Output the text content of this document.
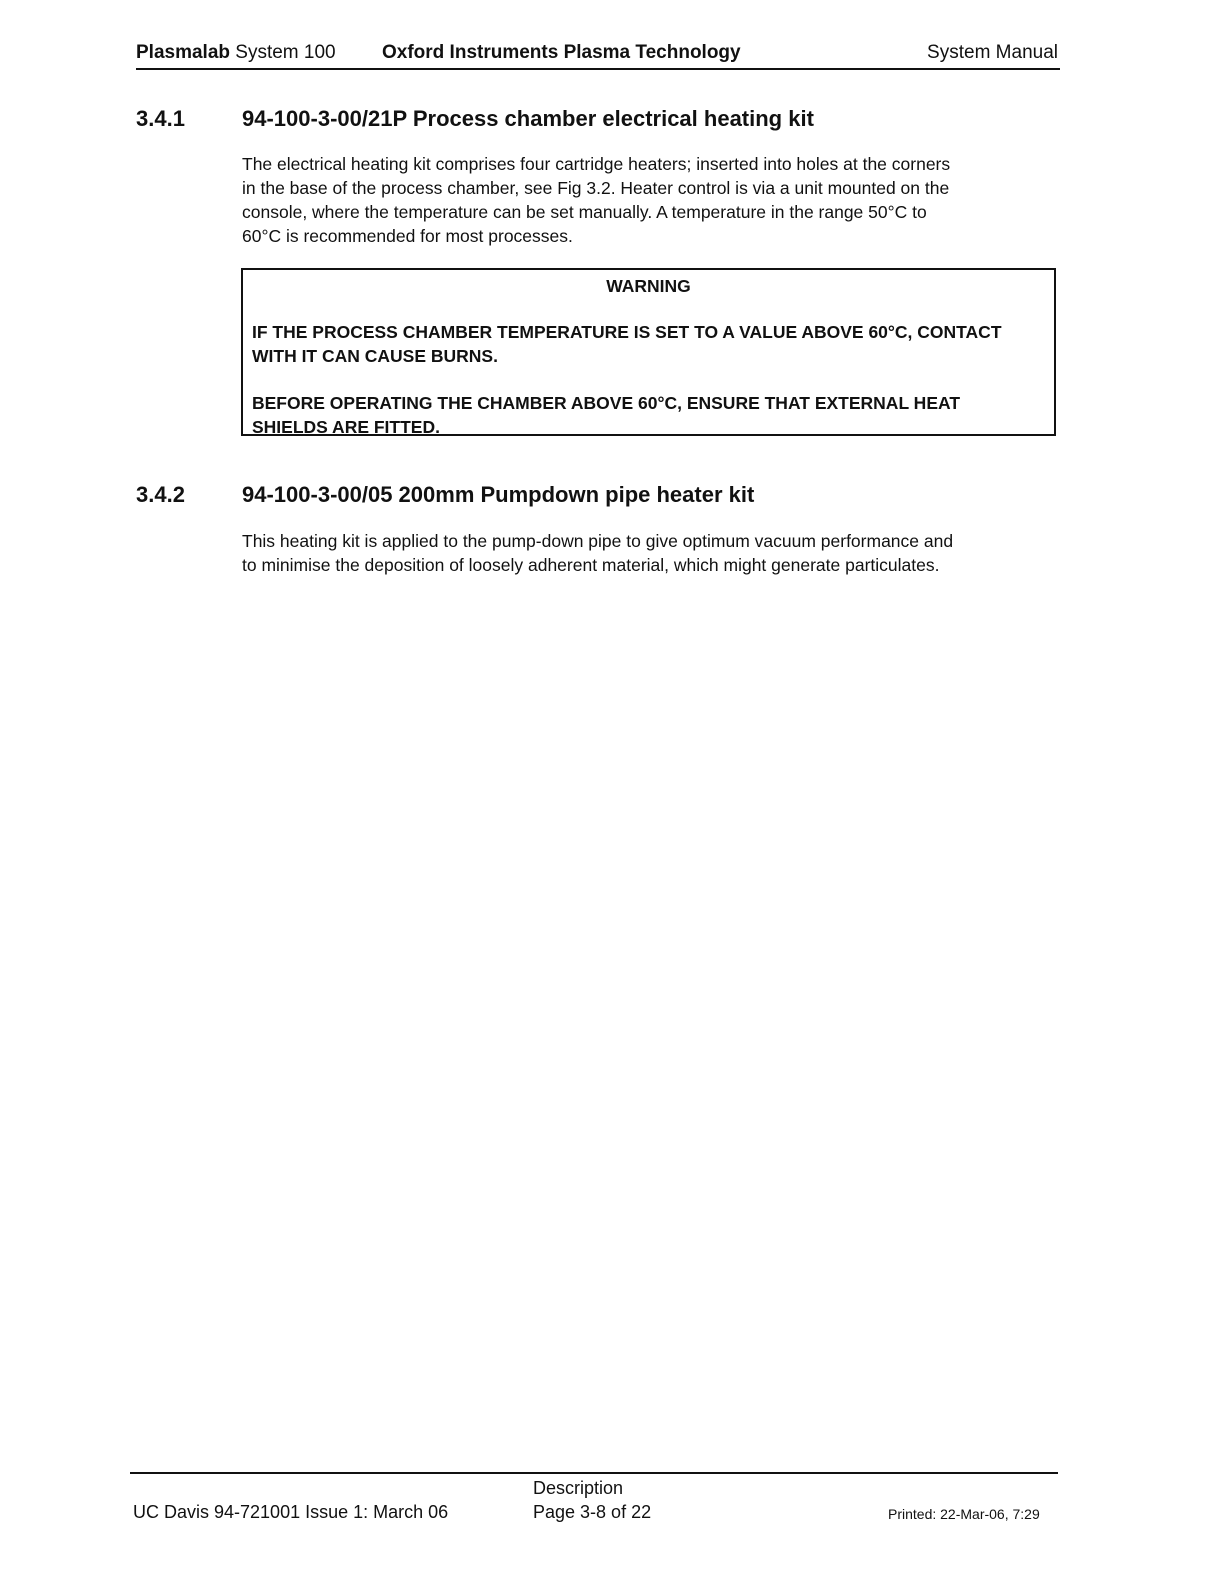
Plasmalab System 100 Oxford Instruments Plasma Technology	System Manual
3.4.1	94-100-3-00/21P Process chamber electrical heating kit
The electrical heating kit comprises four cartridge heaters; inserted into holes at the corners
in the base of the process chamber, see Fig 3.2. Heater control is via a unit mounted on the
console, where the temperature can be set manually. A temperature in the range 50°C to
60°C is recommended for most processes.
WARNING
IF THE PROCESS CHAMBER TEMPERATURE IS SET TO A VALUE ABOVE 60°C, CONTACT
WITH IT CAN CAUSE BURNS.
BEFORE OPERATING THE CHAMBER ABOVE 60°C, ENSURE THAT EXTERNAL HEAT
SHIELDS ARE FITTED.
3.4.2	94-100-3-00/05 200mm Pumpdown pipe heater kit
This heating kit is applied to the pump-down pipe to give optimum vacuum performance and
to minimise the deposition of loosely adherent material, which might generate particulates.
Description
UC Davis 94-721001 Issue 1: March 06	Page 3-8 of 22	Printed: 22-Mar-06, 7:29
